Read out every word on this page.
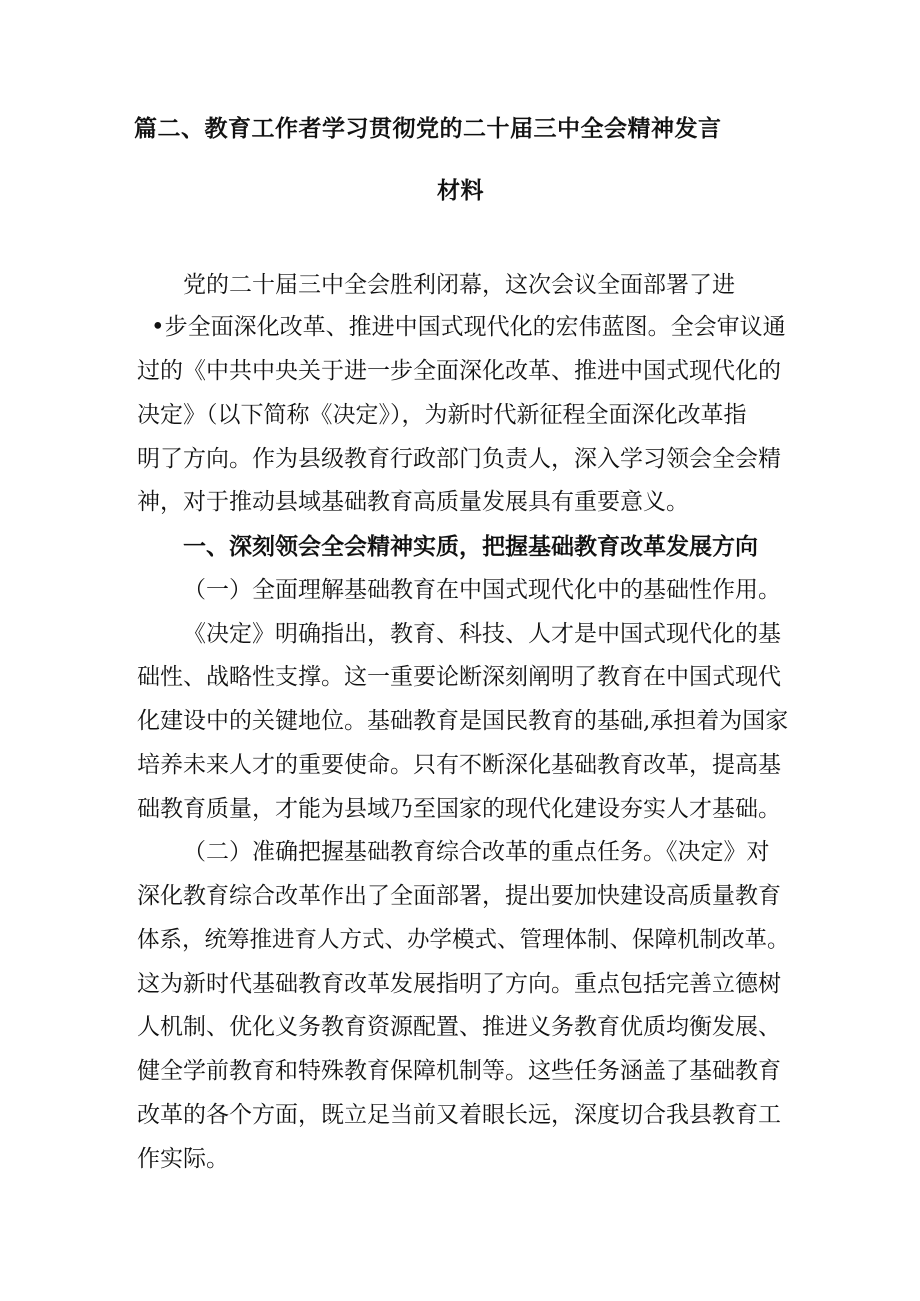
篇二、教育工作者学习贯彻党的二十届三中全会精神发言
材料
党的二十届三中全会胜利闭幕，这次会议全面部署了进
•步全面深化改革、推进中国式现代化的宏伟蓝图。全会审议通
过的《中共中央关于进一步全面深化改革、推进中国式现代化的
决定》（以下简称《决定》），为新时代新征程全面深化改革指
明了方向。作为县级教育行政部门负责人，深入学习领会全会精
神，对于推动县域基础教育高质量发展具有重要意义。
一、深刻领会全会精神实质，把握基础教育改革发展方向
（一）全面理解基础教育在中国式现代化中的基础性作用。
《决定》明确指出，教育、科技、人才是中国式现代化的基
础性、战略性支撑。这一重要论断深刻阐明了教育在中国式现代
化建设中的关键地位。基础教育是国民教育的基础,承担着为国家
培养未来人才的重要使命。只有不断深化基础教育改革，提高基
础教育质量，才能为县域乃至国家的现代化建设夯实人才基础。
（二）准确把握基础教育综合改革的重点任务。《决定》对
深化教育综合改革作出了全面部署，提出要加快建设高质量教育
体系，统筹推进育人方式、办学模式、管理体制、保障机制改革。
这为新时代基础教育改革发展指明了方向。重点包括完善立德树
人机制、优化义务教育资源配置、推进义务教育优质均衡发展、
健全学前教育和特殊教育保障机制等。这些任务涵盖了基础教育
改革的各个方面，既立足当前又着眼长远，深度切合我县教育工
作实际。
